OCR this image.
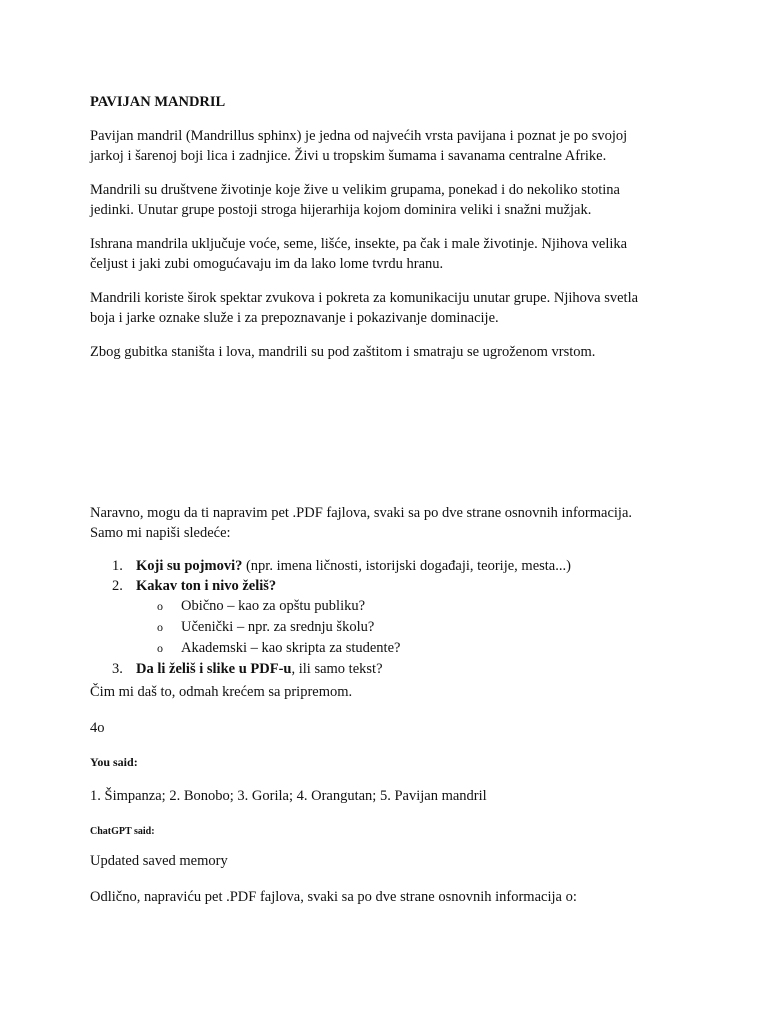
PAVIJAN MANDRIL
Pavijan mandril (Mandrillus sphinx) je jedna od najvećih vrsta pavijana i poznat je po svojoj
jarkoj i šarenoj boji lica i zadnjice. Živi u tropskim šumama i savanama centralne Afrike.
Mandrili su društvene životinje koje žive u velikim grupama, ponekad i do nekoliko stotina
jedinki. Unutar grupe postoji stroga hijerarhija kojom dominira veliki i snažni mužjak.
Ishrana mandrila uključuje voće, seme, lišće, insekte, pa čak i male životinje. Njihova velika
čeljust i jaki zubi omogućavaju im da lako lome tvrdu hranu.
Mandrili koriste širok spektar zvukova i pokreta za komunikaciju unutar grupe. Njihova svetla
boja i jarke oznake služe i za prepoznavanje i pokazivanje dominacije.
Zbog gubitka staništa i lova, mandrili su pod zaštitom i smatraju se ugroženom vrstom.
Naravno, mogu da ti napravim pet .PDF fajlova, svaki sa po dve strane osnovnih informacija.
Samo mi napiši sledeće:
1. Koji su pojmovi? (npr. imena ličnosti, istorijski događaji, teorije, mesta...)
2. Kakav ton i nivo želiš?
o Obično – kao za opštu publiku?
o Učenički – npr. za srednju školu?
o Akademski – kao skripta za studente?
3. Da li želiš i slike u PDF-u, ili samo tekst?
Čim mi daš to, odmah krećem sa pripremom.
4o
You said:
1. Šimpanza; 2. Bonobo; 3. Gorila; 4. Orangutan; 5. Pavijan mandril
ChatGPT said:
Updated saved memory
Odlično, napraviću pet .PDF fajlova, svaki sa po dve strane osnovnih informacija o:
